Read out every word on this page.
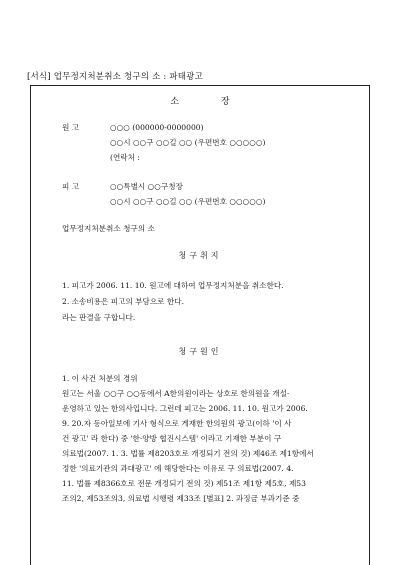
[서식] 업무정지처분취소 청구의 소 : 파태광고
소	장
원 고	○○○ (000000-0000000)
○○시 ○○구 ○○길 ○○ (우편번호 ○○○○○)
(연락처 :
피 고	○○특별시 ○○구청장
○○시 ○○구 ○○길 ○○ (우편번호 ○○○○○)
업무정지처분취소 청구의 소
청구취지
1. 피고가 2006. 11. 10. 원고에 대하여 업무정지처분을 취소한다.
2. 소송비용은 피고의 부담으로 한다.
라는 판결을 구합니다.
청구원인
1. 이 사건 처분의 경위
원고는 서울 ○○구 ○○동에서 A한의원이라는 상호로 한의원을 개설·
운영하고 있는 한의사입니다. 그런데 피고는 2006. 11. 10. 원고가 2006.
9. 20.자 동아일보에 기사 형식으로 게재한 한의원의 광고(이하 '이 사
건 광고' 라 한다) 중 '한·양방 협진시스템' 이라고 기재한 부분이 구
의료법(2007. 1. 3. 법률 제8203호로 개정되기 전의 것) 제46조 제1항에서
정한 '의료기관의 과대광고' 에 해당한다는 이유로 구 의료법(2007. 4.
11. 법률 제8366호로 전문 개정되기 전의 것) 제51조 제1항 제5호, 제53
조의2, 제53조의3, 의료법 시행령 제33조 [별표] 2. 과징금 부과기준 중
